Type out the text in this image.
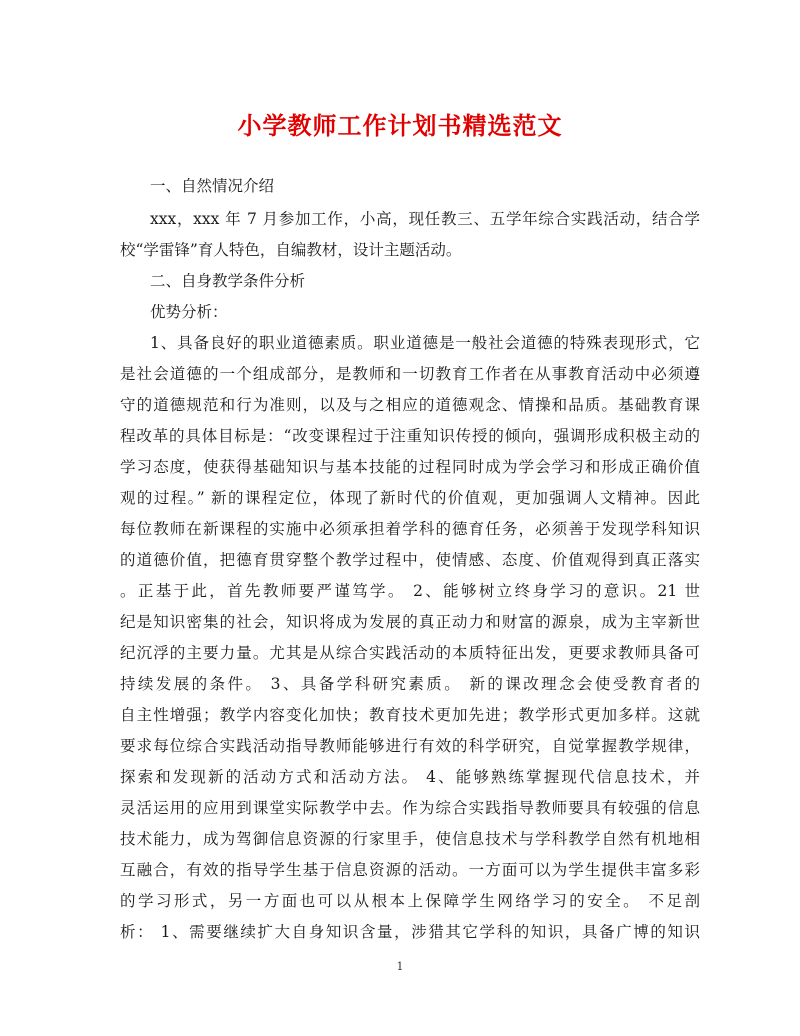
小学教师工作计划书精选范文

一、自然情况介绍

xxx，xxx 年 7 月参加工作，小高，现任教三、五学年综合实践活动，结合学

校“学雷锋”育人特色，自编教材，设计主题活动。

二、自身教学条件分析

优势分析：

1、具备良好的职业道德素质。职业道德是一般社会道德的特殊表现形式，它

是社会道德的一个组成部分，是教师和一切教育工作者在从事教育活动中必须遵

守的道德规范和行为准则，以及与之相应的道德观念、情操和品质。基础教育课

程改革的具体目标是：“改变课程过于注重知识传授的倾向，强调形成积极主动的

学习态度，使获得基础知识与基本技能的过程同时成为学会学习和形成正确价值

观的过程。” 新的课程定位，体现了新时代的价值观，更加强调人文精神。因此

每位教师在新课程的实施中必须承担着学科的德育任务，必须善于发现学科知识

的道德价值，把德育贯穿整个教学过程中，使情感、态度、价值观得到真正落实

。正基于此，首先教师要严谨笃学。 2、能够树立终身学习的意识。21 世

纪是知识密集的社会，知识将成为发展的真正动力和财富的源泉，成为主宰新世

纪沉浮的主要力量。尤其是从综合实践活动的本质特征出发，更要求教师具备可

持续发展的条件。 3、具备学科研究素质。 新的课改理念会使受教育者的

自主性增强；教学内容变化加快；教育技术更加先进；教学形式更加多样。这就

要求每位综合实践活动指导教师能够进行有效的科学研究，自觉掌握教学规律，

探索和发现新的活动方式和活动方法。 4、能够熟练掌握现代信息技术，并

灵活运用的应用到课堂实际教学中去。作为综合实践指导教师要具有较强的信息

技术能力，成为驾御信息资源的行家里手，使信息技术与学科教学自然有机地相

互融合，有效的指导学生基于信息资源的活动。一方面可以为学生提供丰富多彩

的学习形式，另一方面也可以从根本上保障学生网络学习的安全。 不足剖

析： 1、需要继续扩大自身知识含量，涉猎其它学科的知识，具备广博的知识

1
